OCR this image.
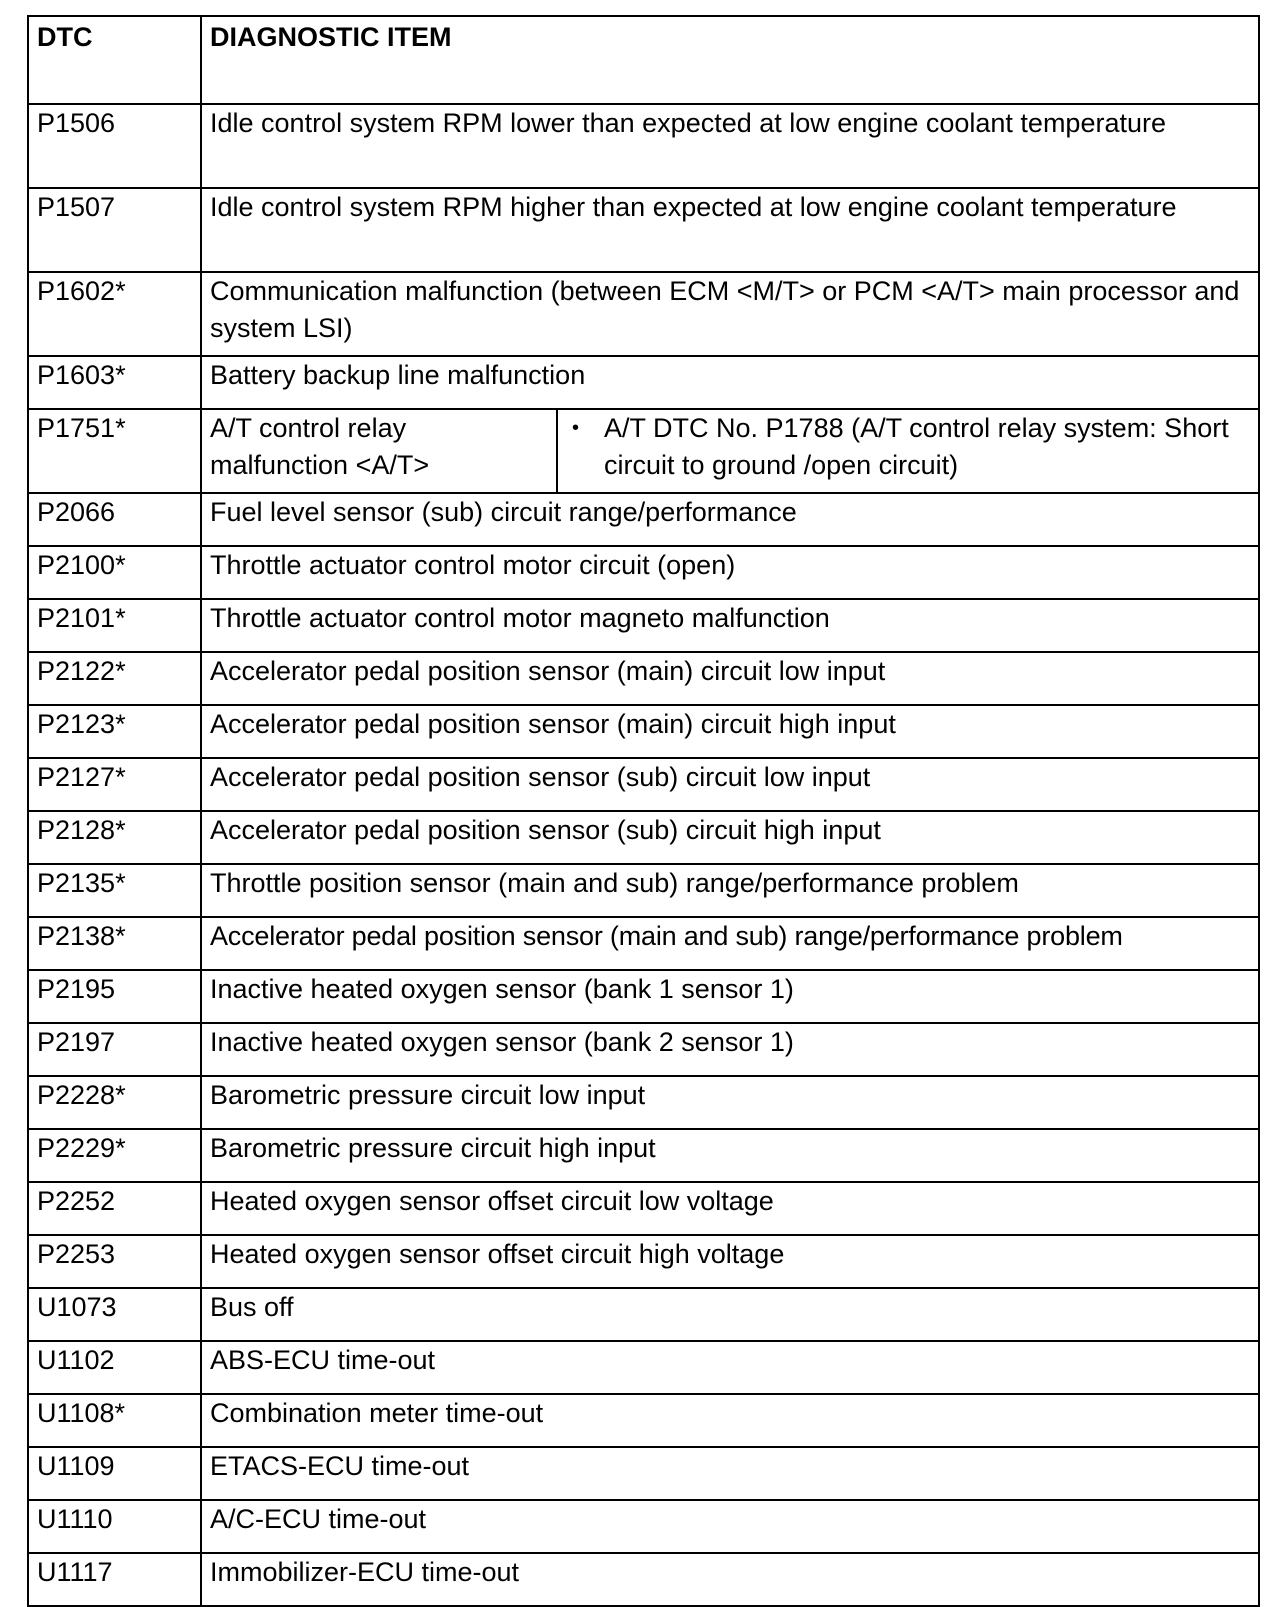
DTC	DIAGNOSTIC ITEM	
P1506	Idle control system RPM lower than expected at low engine coolant temperature	
P1507	Idle control system RPM higher than expected at low engine coolant temperature	
P1602*	Communication malfunction (between ECM <M/T> or PCM <A/T> main processor and system LSI)	
P1603*	Battery backup line malfunction	
P1751*	A/T control relay malfunction <A/T>	• A/T DTC No. P1788 (A/T control relay system: Short circuit to ground /open circuit)

P2066	Fuel level sensor (sub) circuit range/performance	
P2100*	Throttle actuator control motor circuit (open)	
P2101*	Throttle actuator control motor magneto malfunction	
P2122*	Accelerator pedal position sensor (main) circuit low input	
P2123*	Accelerator pedal position sensor (main) circuit high input	
P2127*	Accelerator pedal position sensor (sub) circuit low input	
P2128*	Accelerator pedal position sensor (sub) circuit high input	
P2135*	Throttle position sensor (main and sub) range/performance problem	
P2138*	Accelerator pedal position sensor (main and sub) range/performance problem	
P2195	Inactive heated oxygen sensor (bank 1 sensor 1)	
P2197	Inactive heated oxygen sensor (bank 2 sensor 1)	
P2228*	Barometric pressure circuit low input	
P2229*	Barometric pressure circuit high input	
P2252	Heated oxygen sensor offset circuit low voltage	
P2253	Heated oxygen sensor offset circuit high voltage	
U1073	Bus off	
U1102	ABS-ECU time-out	
U1108*	Combination meter time-out	
U1109	ETACS-ECU time-out	
U1110	A/C-ECU time-out	
U1117	Immobilizer-ECU time-out	
